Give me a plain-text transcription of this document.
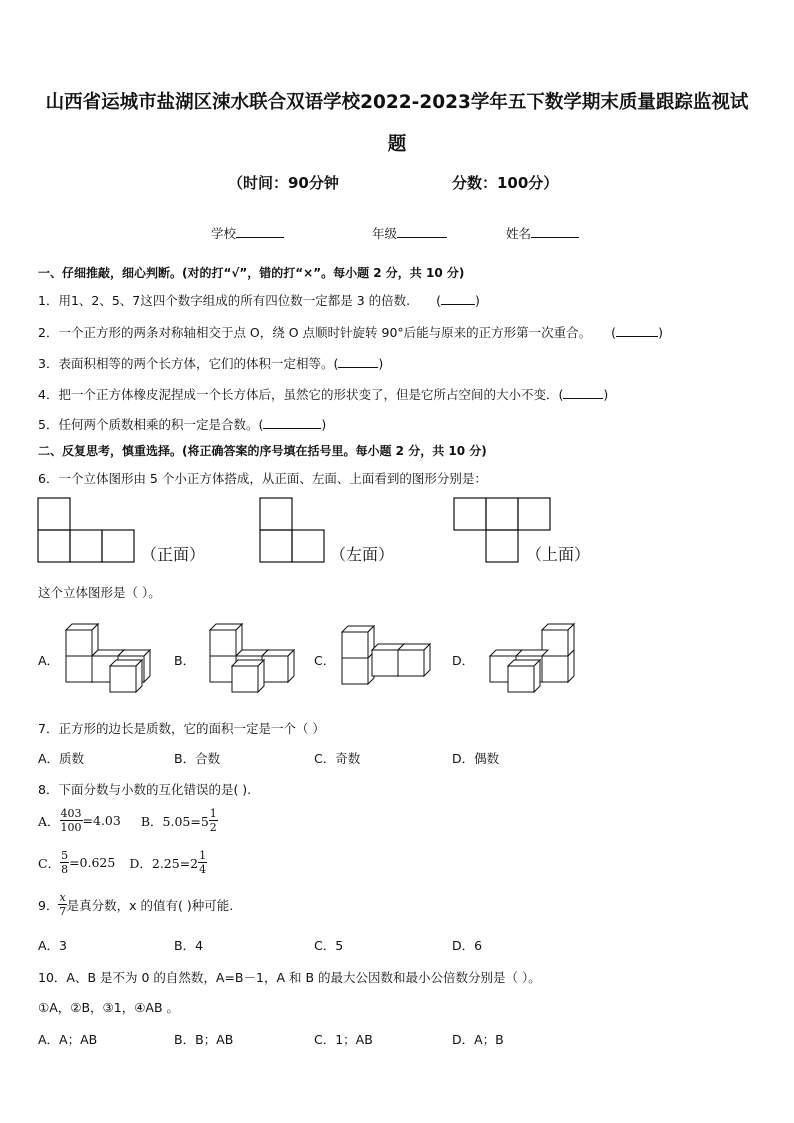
山西省运城市盐湖区涑水联合双语学校2022-2023学年五下数学期末质量跟踪监视试
题
（时间：90分钟	分数：100分）
学校	年级	姓名
一、仔细推敲，细心判断。(对的打“√”，错的打“×”。每小题 2 分，共 10 分)
1．用1、2、5、7这四个数字组成的所有四位数一定都是 3 的倍数. (	)
2．一个正方形的两条对称轴相交于点 O，绕 O 点顺时针旋转 90°后能与原来的正方形第一次重合。 (	)
3．表面积相等的两个长方体，它们的体积一定相等。(	)
4．把一个正方体橡皮泥捏成一个长方体后，虽然它的形状变了，但是它所占空间的大小不变．(	)
5．任何两个质数相乘的积一定是合数。(	)
二、反复思考，慎重选择。(将正确答案的序号填在括号里。每小题 2 分，共 10 分)
6．一个立体图形由 5 个小正方体搭成，从正面、左面、上面看到的图形分别是：
（正面）	（左面）	（上面）
这个立体图形是（ ）。
A．	B．	C．	D．
7．正方形的边长是质数，它的面积一定是一个（ ）
A．质数	B．合数	C．奇数	D．偶数
8．下面分数与小数的互化错误的是( ).
A． $\frac{403}{100} =4.03$ B．$5.05=5 \frac{1}{2}$
C． $\frac{5}{8} =0.625$ D．$2.25=2 \frac{1}{4}$
9． $\frac{x}{7}$ 是真分数，x 的值有( )种可能.
A．3	B．4	C．5	D．6
10．A、B 是不为 0 的自然数，A=B－1，A 和 B 的最大公因数和最小公倍数分别是（ ）。
①A，②B，③1，④AB 。
A．A；AB	B．B；AB	C．1；AB	D．A；B
